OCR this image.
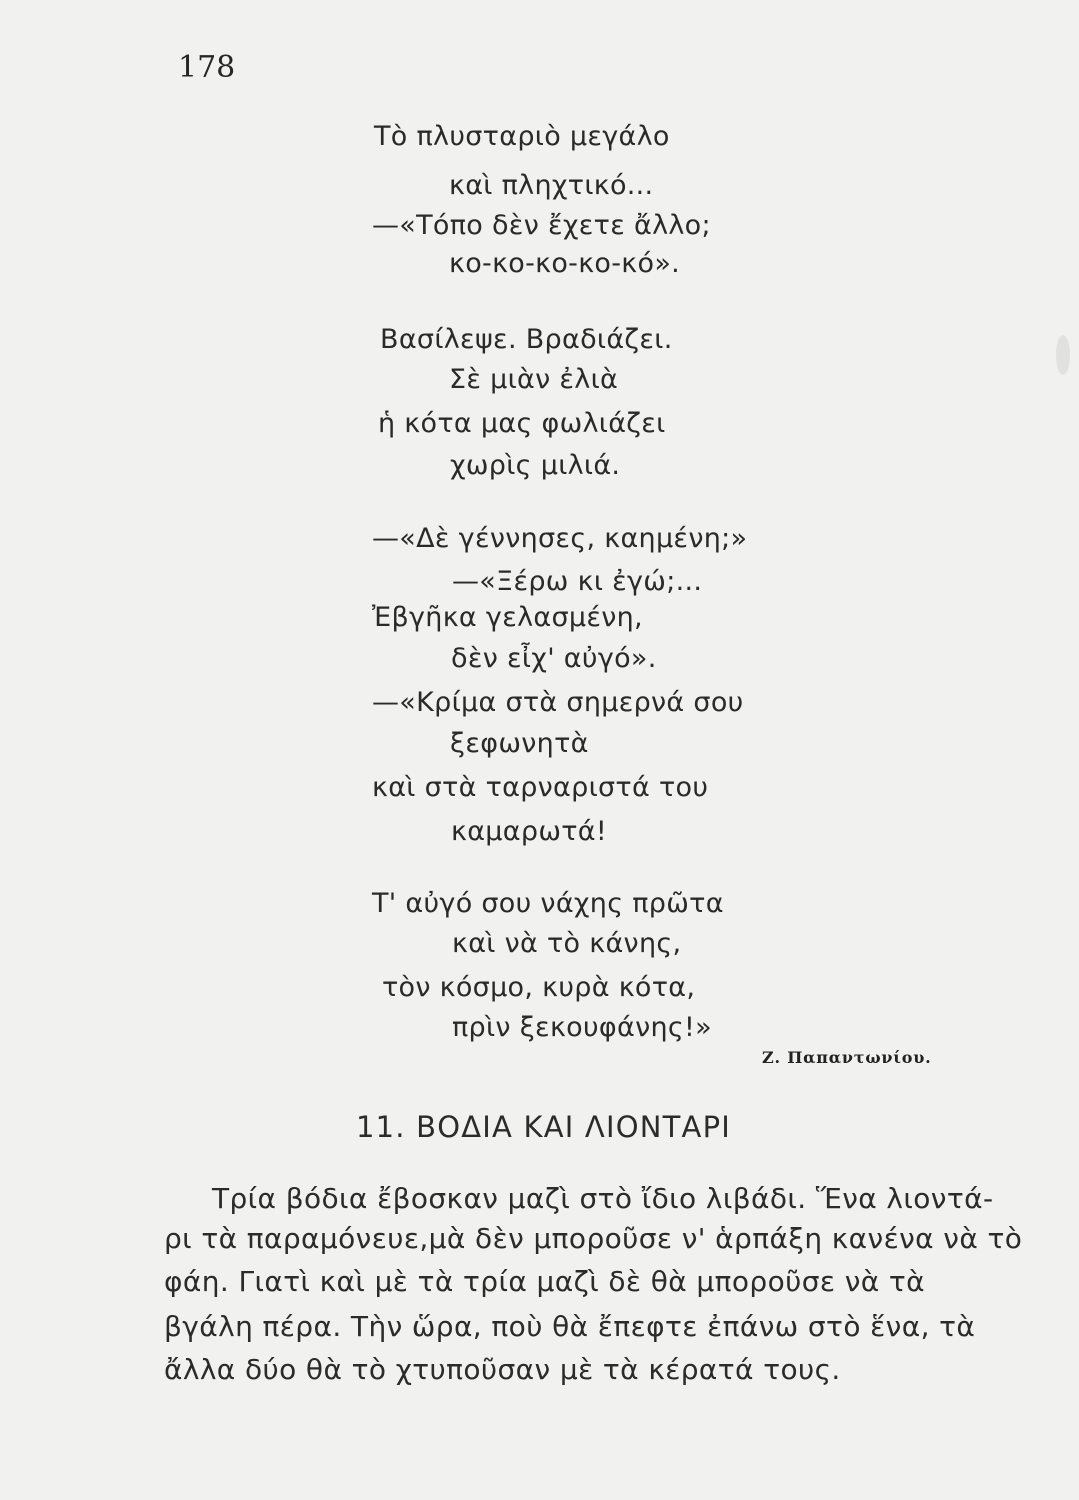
178
Τὸ πλυσταριὸ μεγάλο
καὶ πληχτικό...
—«Τόπο δὲν ἔχετε ἄλλο;
κο-κο-κο-κο-κό».
Βασίλεψε. Βραδιάζει.
Σὲ μιὰν ἐλιὰ
ἡ κότα μας φωλιάζει
χωρὶς μιλιά.
—«Δὲ γέννησες, καημένη;»
—«Ξέρω κι ἐγώ;...
Ἐβγῆκα γελασμένη,
δὲν εἶχ' αὐγό».
—«Κρίμα στὰ σημερνά σου
ξεφωνητὰ
καὶ στὰ ταρναριστά του
καμαρωτά!
Τ' αὐγό σου νάχης πρῶτα
καὶ νὰ τὸ κάνης,
τὸν κόσμο, κυρὰ κότα,
πρὶν ξεκουφάνης!»
Ζ. Παπαντωνίου.
11. ΒΟΔΙΑ ΚΑΙ ΛΙΟΝΤΑΡΙ
Τρία βόδια ἔβοσκαν μαζὶ στὸ ἴδιο λιβάδι. Ἕνα λιοντά-
ρι τὰ παραμόνευε,μὰ δὲν μποροῦσε ν' ἁρπάξη κανένα νὰ τὸ
φάη. Γιατὶ καὶ μὲ τὰ τρία μαζὶ δὲ θὰ μποροῦσε νὰ τὰ
βγάλη πέρα. Τὴν ὥρα, ποὺ θὰ ἔπεφτε ἐπάνω στὸ ἕνα, τὰ
ἄλλα δύο θὰ τὸ χτυποῦσαν μὲ τὰ κέρατά τους.
